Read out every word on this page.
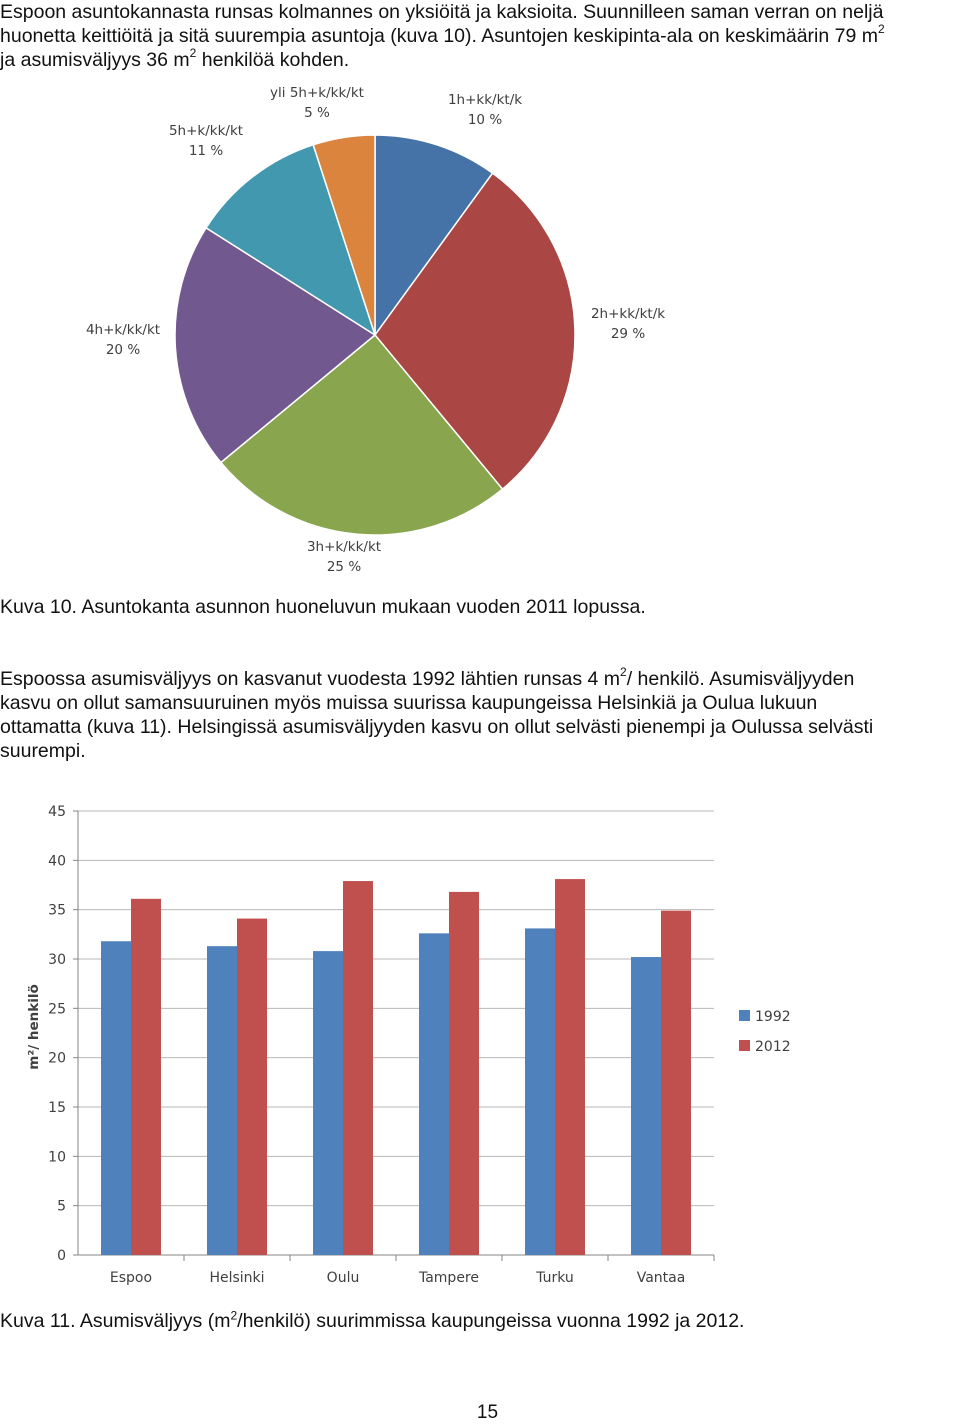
Espoon asuntokannasta runsas kolmannes on yksiöitä ja kaksioita. Suunnilleen saman verran on neljä
huonetta keittiöitä ja sitä suurempia asuntoja (kuva 10). Asuntojen keskipinta-ala on keskimäärin 79 $m^2$
ja asumisväljyys 36 $m^2$ henkilöä kohden.

1h+kk/kt/k
10 %
2h+kk/kt/k
29 %
3h+k/kk/kt
25 %
4h+k/kk/kt
20 %
5h+k/kk/kt
11 %
yli 5h+k/kk/kt
5 %

Kuva 10. Asuntokanta asunnon huoneluvun mukaan vuoden 2011 lopussa.

Espoossa asumisväljyys on kasvanut vuodesta 1992 lähtien runsas 4 $m^2/$ henkilö. Asumisväljyyden
kasvu on ollut samansuuruinen myös muissa suurissa kaupungeissa Helsinkiä ja Oulua lukuun
ottamatta (kuva 11). Helsingissä asumisväljyyden kasvu on ollut selvästi pienempi ja Oulussa selvästi
suurempi.

0
5
10
15
20
25
30
35
40
45
m²/ henkilö
Espoo	Helsinki	Oulu	Tampere	Turku	Vantaa
1992
2012

Kuva 11. Asumisväljyys $(m^2/henkilö)$ suurimmissa kaupungeissa vuonna 1992 ja 2012.

15
